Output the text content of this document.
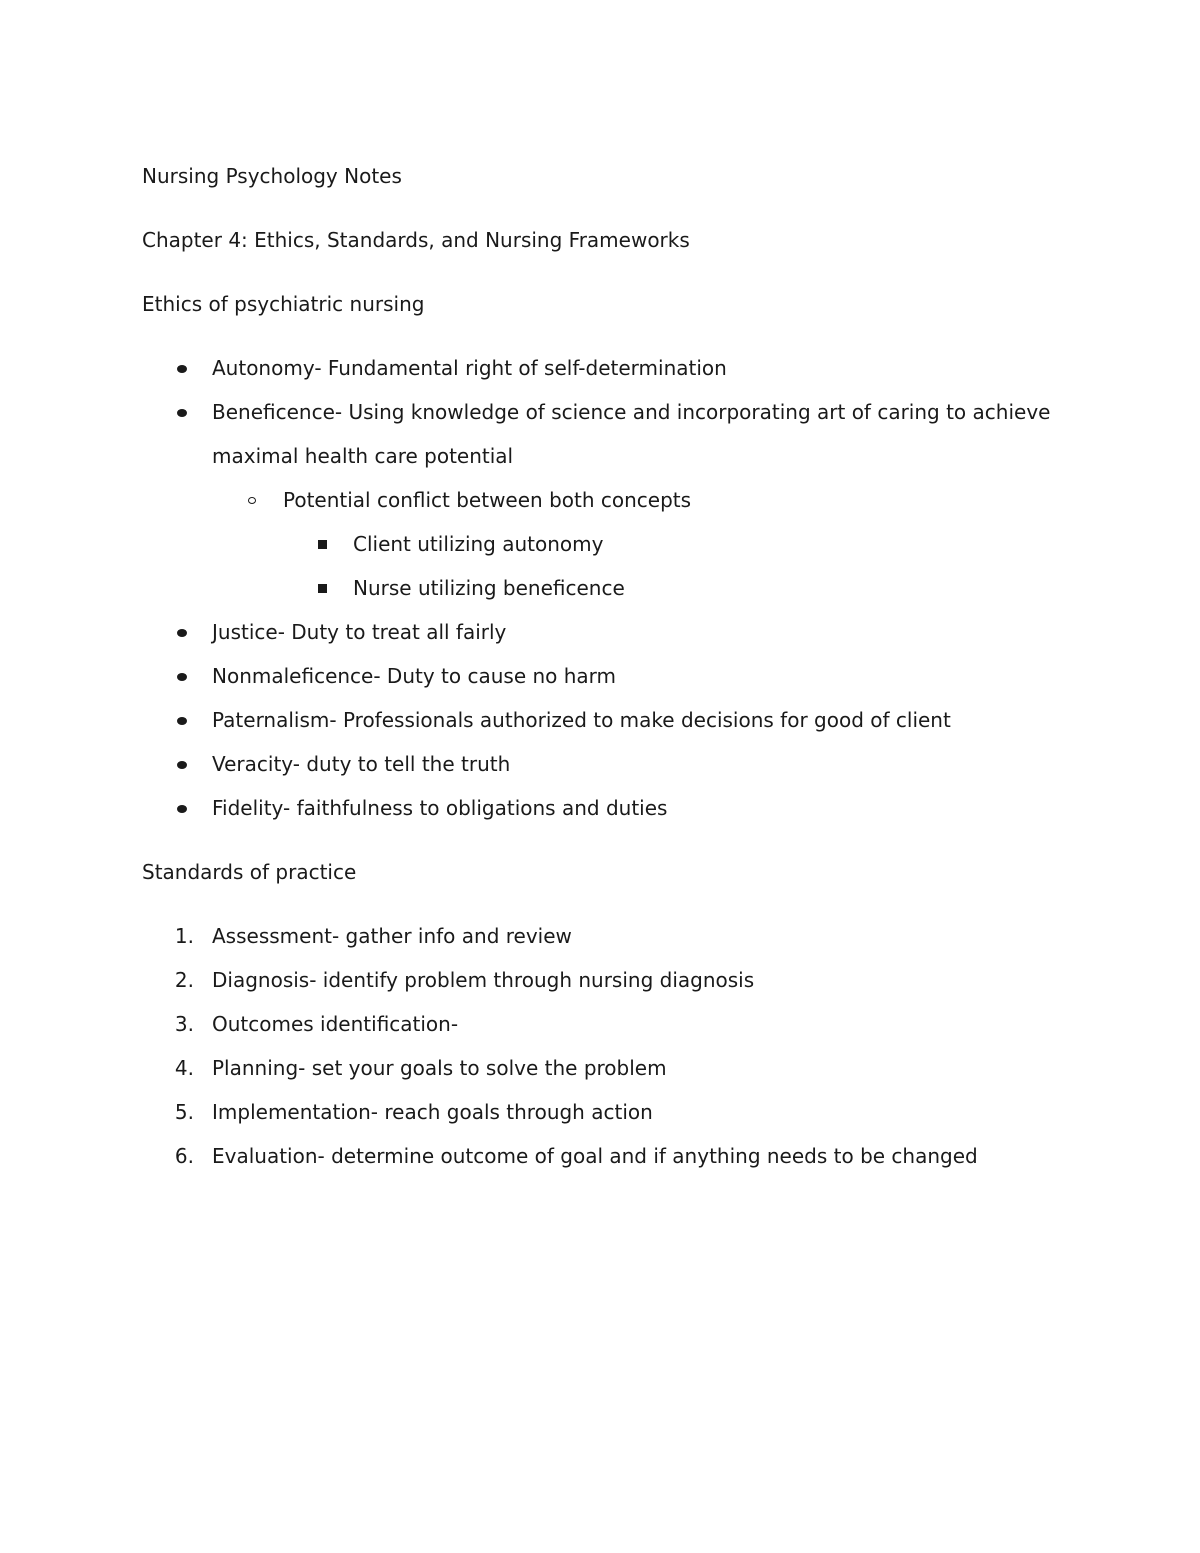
Nursing Psychology Notes
Chapter 4: Ethics, Standards, and Nursing Frameworks
Ethics of psychiatric nursing
Autonomy- Fundamental right of self-determination
Beneficence- Using knowledge of science and incorporating art of caring to achieve
maximal health care potential
Potential conflict between both concepts
Client utilizing autonomy
Nurse utilizing beneficence
Justice- Duty to treat all fairly
Nonmaleficence- Duty to cause no harm
Paternalism- Professionals authorized to make decisions for good of client
Veracity- duty to tell the truth
Fidelity- faithfulness to obligations and duties
Standards of practice
1. Assessment- gather info and review
2. Diagnosis- identify problem through nursing diagnosis
3. Outcomes identification-
4. Planning- set your goals to solve the problem
5. Implementation- reach goals through action
6. Evaluation- determine outcome of goal and if anything needs to be changed
